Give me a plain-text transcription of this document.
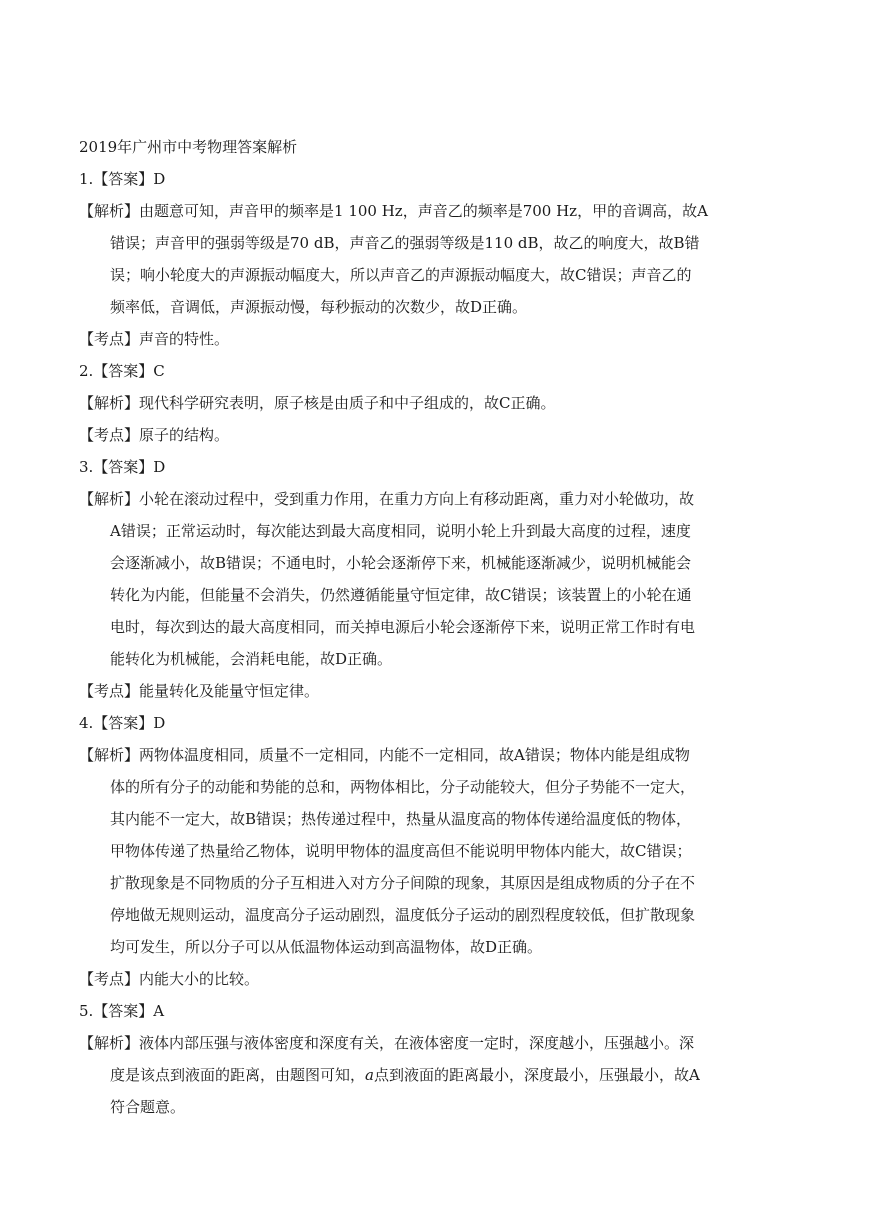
2019年广州市中考物理答案解析
1.【答案】D
【解析】由题意可知，声音甲的频率是1 100 Hz，声音乙的频率是700 Hz，甲的音调高，故A
错误；声音甲的强弱等级是70 dB，声音乙的强弱等级是110 dB，故乙的响度大，故B错
误；响小轮度大的声源振动幅度大，所以声音乙的声源振动幅度大，故C错误；声音乙的
频率低，音调低，声源振动慢，每秒振动的次数少，故D正确。
【考点】声音的特性。
2.【答案】C
【解析】现代科学研究表明，原子核是由质子和中子组成的，故C正确。
【考点】原子的结构。
3.【答案】D
【解析】小轮在滚动过程中，受到重力作用，在重力方向上有移动距离，重力对小轮做功，故
A错误；正常运动时，每次能达到最大高度相同，说明小轮上升到最大高度的过程，速度
会逐渐减小，故B错误；不通电时，小轮会逐渐停下来，机械能逐渐减少，说明机械能会
转化为内能，但能量不会消失，仍然遵循能量守恒定律，故C错误；该装置上的小轮在通
电时，每次到达的最大高度相同，而关掉电源后小轮会逐渐停下来，说明正常工作时有电
能转化为机械能，会消耗电能，故D正确。
【考点】能量转化及能量守恒定律。
4.【答案】D
【解析】两物体温度相同，质量不一定相同，内能不一定相同，故A错误；物体内能是组成物
体的所有分子的动能和势能的总和，两物体相比，分子动能较大，但分子势能不一定大，
其内能不一定大，故B错误；热传递过程中，热量从温度高的物体传递给温度低的物体，
甲物体传递了热量给乙物体，说明甲物体的温度高但不能说明甲物体内能大，故C错误；
扩散现象是不同物质的分子互相进入对方分子间隙的现象，其原因是组成物质的分子在不
停地做无规则运动，温度高分子运动剧烈，温度低分子运动的剧烈程度较低，但扩散现象
均可发生，所以分子可以从低温物体运动到高温物体，故D正确。
【考点】内能大小的比较。
5.【答案】A
【解析】液体内部压强与液体密度和深度有关，在液体密度一定时，深度越小，压强越小。深
度是该点到液面的距离，由题图可知，a点到液面的距离最小，深度最小，压强最小，故A
符合题意。
